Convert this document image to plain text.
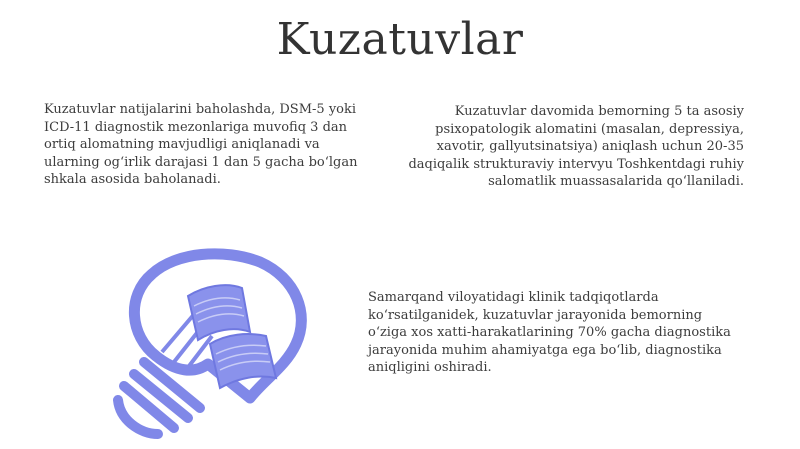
Kuzatuvlar

Kuzatuvlar natijalarini baholashda, DSM-5 yoki ICD-11 diagnostik mezonlariga muvofiq 3 dan ortiq alomatning mavjudligi aniqlanadi va ularning og‘irlik darajasi 1 dan 5 gacha bo‘lgan shkala asosida baholanadi.

Kuzatuvlar davomida bemorning 5 ta asosiy psixopatologik alomatini (masalan, depressiya, xavotir, gallyutsinatsiya) aniqlash uchun 20-35 daqiqalik strukturaviy intervyu Toshkentdagi ruhiy salomatlik muassasalarida qo‘llaniladi.

Samarqand viloyatidagi klinik tadqiqotlarda ko‘rsatilganidek, kuzatuvlar jarayonida bemorning o‘ziga xos xatti-harakatlarining 70% gacha diagnostika jarayonida muhim ahamiyatga ega bo‘lib, diagnostika aniqligini oshiradi.
